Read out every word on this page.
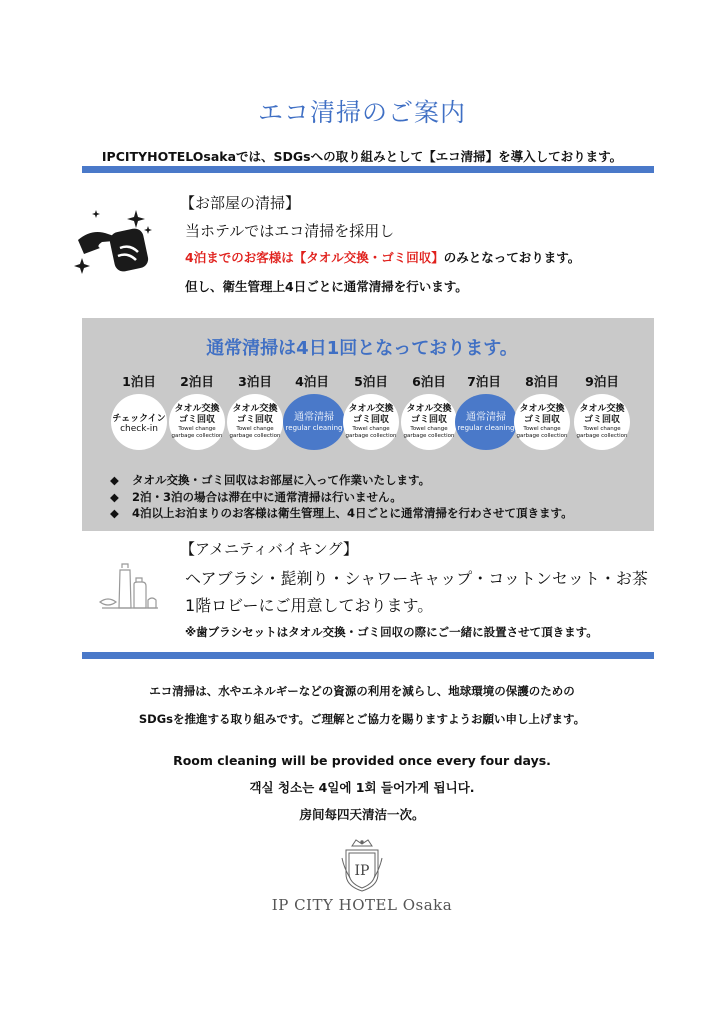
エコ清掃のご案内
IPCITYHOTELOsakaでは、SDGsへの取り組みとして【エコ清掃】を導入しております。
【お部屋の清掃】
当ホテルではエコ清掃を採用し
4泊までのお客様は【タオル交換・ゴミ回収】のみとなっております。
但し、衛生管理上4日ごとに通常清掃を行います。
通常清掃は4日1回となっております。
1泊目
チェックイン
check-in
2泊目
タオル交換
ゴミ回収
Towel change
garbage collection
3泊目
タオル交換
ゴミ回収
Towel change
garbage collection
4泊目
通常清掃
regular cleaning
5泊目
タオル交換
ゴミ回収
Towel change
garbage collection
6泊目
タオル交換
ゴミ回収
Towel change
garbage collection
7泊目
通常清掃
regular cleaning
8泊目
タオル交換
ゴミ回収
Towel change
garbage collection
9泊目
タオル交換
ゴミ回収
Towel change
garbage collection
◆ タオル交換・ゴミ回収はお部屋に入って作業いたします。
◆ 2泊・3泊の場合は滞在中に通常清掃は行いません。
◆ 4泊以上お泊まりのお客様は衛生管理上、4日ごとに通常清掃を行わさせて頂きます。
【アメニティバイキング】
ヘアブラシ・髭剃り・シャワーキャップ・コットンセット・お茶
1階ロビーにご用意しております。
※歯ブラシセットはタオル交換・ゴミ回収の際にご一緒に設置させて頂きます。
エコ清掃は、水やエネルギーなどの資源の利用を減らし、地球環境の保護のための
SDGsを推進する取り組みです。ご理解とご協力を賜りますようお願い申し上げます。
Room cleaning will be provided once every four days.
객실 청소는 4일에 1회 들어가게 됩니다.
房间每四天清洁一次。
IP
IP CITY HOTEL Osaka
